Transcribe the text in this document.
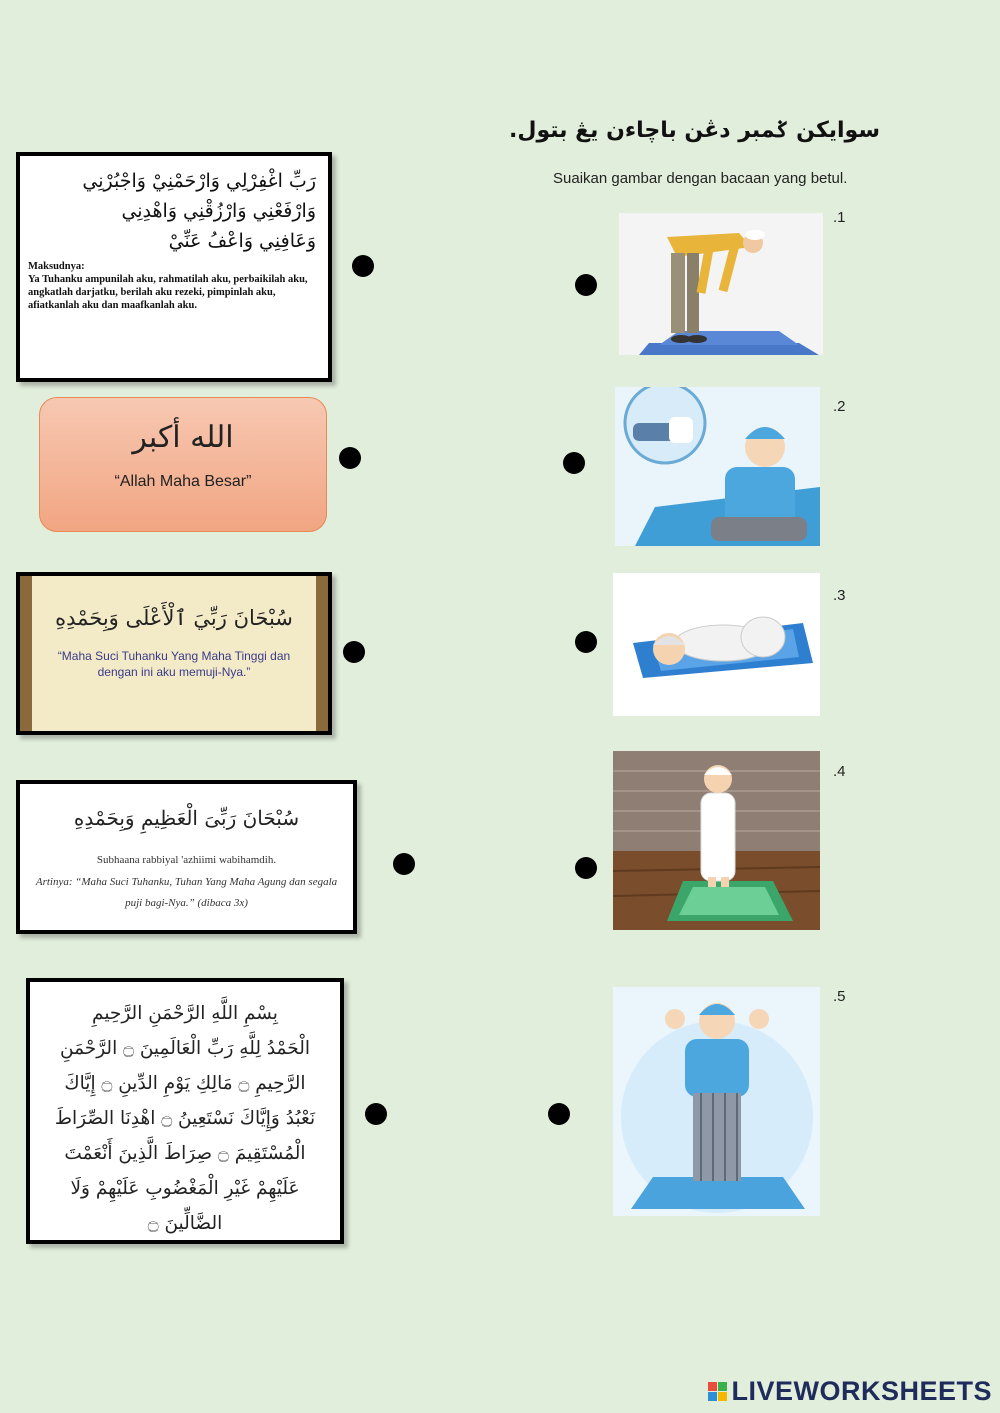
سوايكن ݢمبر دڠن باچاءن يڠ بتول.
Suaikan gambar dengan bacaan yang betul.
رَبِّ اغْفِرْلِي وَارْحَمْنِيْ وَاجْبُرْنِي
وَارْفَعْنِي وَارْزُقْنِي وَاهْدِنِي
وَعَافِنِي وَاعْفُ عَنِّيْ
Maksudnya:
Ya Tuhanku ampunilah aku, rahmatilah aku, perbaikilah aku, angkatlah darjatku, berilah aku rezeki, pimpinlah aku, afiatkanlah aku dan maafkanlah aku.
الله أكبر
“Allah Maha Besar”
سُبْحَانَ رَبِّيَ ٱلْأَعْلَى وَبِحَمْدِهِ
“Maha Suci Tuhanku Yang Maha Tinggi dan dengan ini aku memuji-Nya.”
سُبْحَانَ رَبِّىَ الْعَظِيمِ وَبِحَمْدِهِ
Subhaana rabbiyal 'azhiimi wabihamdih.
Artinya: “Maha Suci Tuhanku, Tuhan Yang Maha Agung dan segala puji bagi-Nya.” (dibaca 3x)
بِسْمِ اللَّهِ الرَّحْمَنِ الرَّحِيمِ
الْحَمْدُ لِلَّهِ رَبِّ الْعَالَمِينَ ۝ الرَّحْمَنِ
الرَّحِيمِ ۝ مَالِكِ يَوْمِ الدِّينِ ۝ إِيَّاكَ
نَعْبُدُ وَإِيَّاكَ نَسْتَعِينُ ۝ اهْدِنَا الصِّرَاطَ
الْمُسْتَقِيمَ ۝ صِرَاطَ الَّذِينَ أَنْعَمْتَ
عَلَيْهِمْ غَيْرِ الْمَغْضُوبِ عَلَيْهِمْ وَلَا
الضَّالِّينَ ۝
.1
.2
.3
.4
.5
LIVEWORKSHEETS
